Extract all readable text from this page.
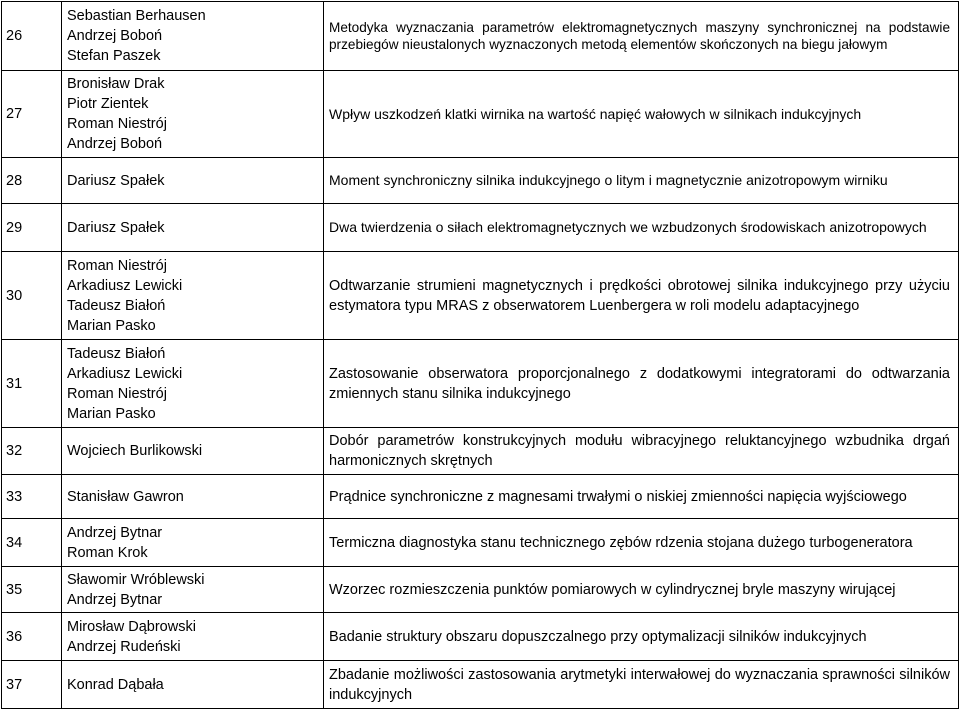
26	Sebastian Berhausen
Andrzej Boboń
Stefan Paszek	Metodyka wyznaczania parametrów elektromagnetycznych maszyny synchronicznej na podstawie przebiegów nieustalonych wyznaczonych metodą elementów skończonych na biegu jałowym
27	Bronisław Drak
Piotr Zientek
Roman Niestrój
Andrzej Boboń	Wpływ uszkodzeń klatki wirnika na wartość napięć wałowych w silnikach indukcyjnych
28	Dariusz Spałek	Moment synchroniczny silnika indukcyjnego o litym i magnetycznie anizotropowym wirniku
29	Dariusz Spałek	Dwa twierdzenia o siłach elektromagnetycznych we wzbudzonych środowiskach anizotropowych
30	Roman Niestrój
Arkadiusz Lewicki
Tadeusz Białoń
Marian Pasko	Odtwarzanie strumieni magnetycznych i prędkości obrotowej silnika indukcyjnego przy użyciu estymatora typu MRAS z obserwatorem Luenbergera w roli modelu adaptacyjnego
31	Tadeusz Białoń
Arkadiusz Lewicki
Roman Niestrój
Marian Pasko	Zastosowanie obserwatora proporcjonalnego z dodatkowymi integratorami do odtwarzania zmiennych stanu silnika indukcyjnego
32	Wojciech Burlikowski	Dobór parametrów konstrukcyjnych modułu wibracyjnego reluktancyjnego wzbudnika drgań harmonicznych skrętnych
33	Stanisław Gawron	Prądnice synchroniczne z magnesami trwałymi o niskiej zmienności napięcia wyjściowego
34	Andrzej Bytnar
Roman Krok	Termiczna diagnostyka stanu technicznego zębów rdzenia stojana dużego turbogeneratora
35	Sławomir Wróblewski
Andrzej Bytnar	Wzorzec rozmieszczenia punktów pomiarowych w cylindrycznej bryle maszyny wirującej
36	Mirosław Dąbrowski
Andrzej Rudeński	Badanie struktury obszaru dopuszczalnego przy optymalizacji silników indukcyjnych
37	Konrad Dąbała	Zbadanie możliwości zastosowania arytmetyki interwałowej do wyznaczania sprawności silników indukcyjnych
